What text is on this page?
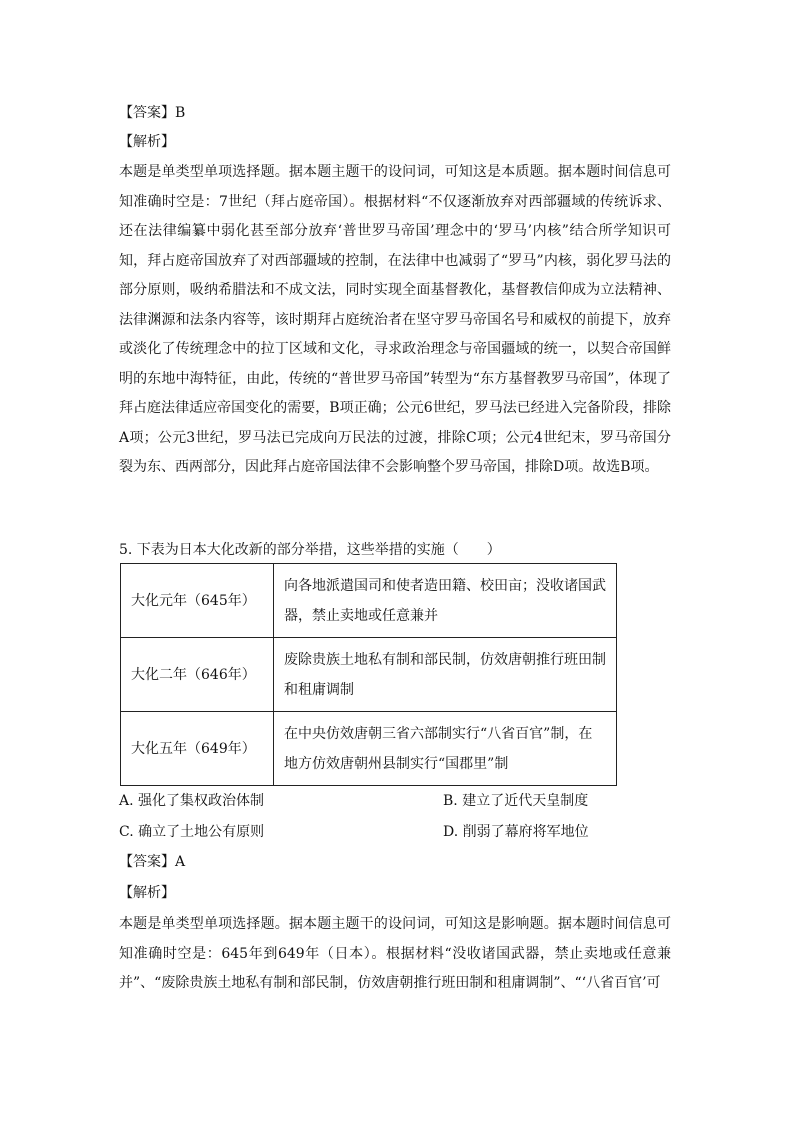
【答案】B
【解析】
本题是单类型单项选择题。据本题主题干的设问词，可知这是本质题。据本题时间信息可知准确时空是：7世纪（拜占庭帝国）。根据材料“不仅逐渐放弃对西部疆域的传统诉求、还在法律编纂中弱化甚至部分放弃‘普世罗马帝国’理念中的‘罗马’内核”结合所学知识可知，拜占庭帝国放弃了对西部疆域的控制，在法律中也减弱了“罗马”内核，弱化罗马法的部分原则，吸纳希腊法和不成文法，同时实现全面基督教化，基督教信仰成为立法精神、法律渊源和法条内容等，该时期拜占庭统治者在坚守罗马帝国名号和威权的前提下，放弃或淡化了传统理念中的拉丁区域和文化，寻求政治理念与帝国疆域的统一，以契合帝国鲜明的东地中海特征，由此，传统的“普世罗马帝国”转型为“东方基督教罗马帝国”，体现了拜占庭法律适应帝国变化的需要，B项正确；公元6世纪，罗马法已经进入完备阶段，排除A项；公元3世纪，罗马法已完成向万民法的过渡，排除C项；公元4世纪末，罗马帝国分裂为东、西两部分，因此拜占庭帝国法律不会影响整个罗马帝国，排除D项。故选B项。
5. 下表为日本大化改新的部分举措，这些举措的实施（　　）
大化元年（645年）	向各地派遣国司和使者造田籍、校田亩；没收诸国武器，禁止卖地或任意兼并
大化二年（646年）	废除贵族土地私有制和部民制，仿效唐朝推行班田制和租庸调制
大化五年（649年）	在中央仿效唐朝三省六部制实行“八省百官”制，在地方仿效唐朝州县制实行“国郡里”制
A. 强化了集权政治体制	B. 建立了近代天皇制度
C. 确立了土地公有原则	D. 削弱了幕府将军地位
【答案】A
【解析】
本题是单类型单项选择题。据本题主题干的设问词，可知这是影响题。据本题时间信息可知准确时空是：645年到649年（日本）。根据材料“没收诸国武器，禁止卖地或任意兼并”、“废除贵族土地私有制和部民制，仿效唐朝推行班田制和租庸调制”、“‘八省百官’可
